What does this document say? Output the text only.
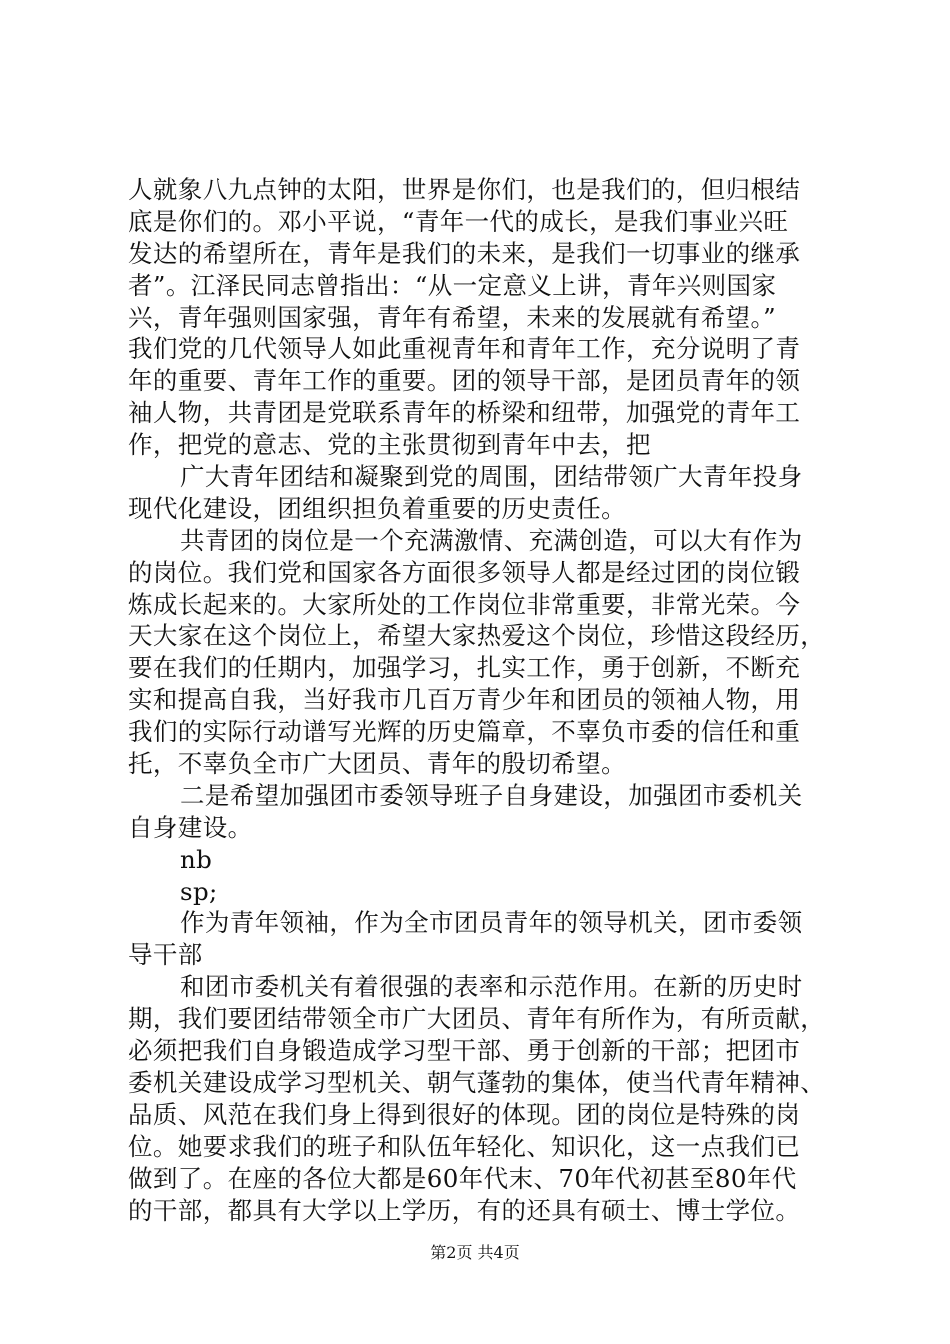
人就象八九点钟的太阳，世界是你们，也是我们的，但归根结
底是你们的。邓小平说，“青年一代的成长，是我们事业兴旺
发达的希望所在，青年是我们的未来，是我们一切事业的继承
者”。江泽民同志曾指出：“从一定意义上讲，青年兴则国家
兴，青年强则国家强，青年有希望，未来的发展就有希望。”
我们党的几代领导人如此重视青年和青年工作，充分说明了青
年的重要、青年工作的重要。团的领导干部，是团员青年的领
袖人物，共青团是党联系青年的桥梁和纽带，加强党的青年工
作，把党的意志、党的主张贯彻到青年中去，把
广大青年团结和凝聚到党的周围，团结带领广大青年投身
现代化建设，团组织担负着重要的历史责任。
共青团的岗位是一个充满激情、充满创造，可以大有作为
的岗位。我们党和国家各方面很多领导人都是经过团的岗位锻
炼成长起来的。大家所处的工作岗位非常重要，非常光荣。今
天大家在这个岗位上，希望大家热爱这个岗位，珍惜这段经历，
要在我们的任期内，加强学习，扎实工作，勇于创新，不断充
实和提高自我，当好我市几百万青少年和团员的领袖人物，用
我们的实际行动谱写光辉的历史篇章，不辜负市委的信任和重
托，不辜负全市广大团员、青年的殷切希望。
二是希望加强团市委领导班子自身建设，加强团市委机关
自身建设。
nb
sp;
作为青年领袖，作为全市团员青年的领导机关，团市委领
导干部
和团市委机关有着很强的表率和示范作用。在新的历史时
期，我们要团结带领全市广大团员、青年有所作为，有所贡献，
必须把我们自身锻造成学习型干部、勇于创新的干部；把团市
委机关建设成学习型机关、朝气蓬勃的集体，使当代青年精神、
品质、风范在我们身上得到很好的体现。团的岗位是特殊的岗
位。她要求我们的班子和队伍年轻化、知识化，这一点我们已
做到了。在座的各位大都是60年代末、70年代初甚至80年代
的干部，都具有大学以上学历，有的还具有硕士、博士学位。
第2页 共4页
